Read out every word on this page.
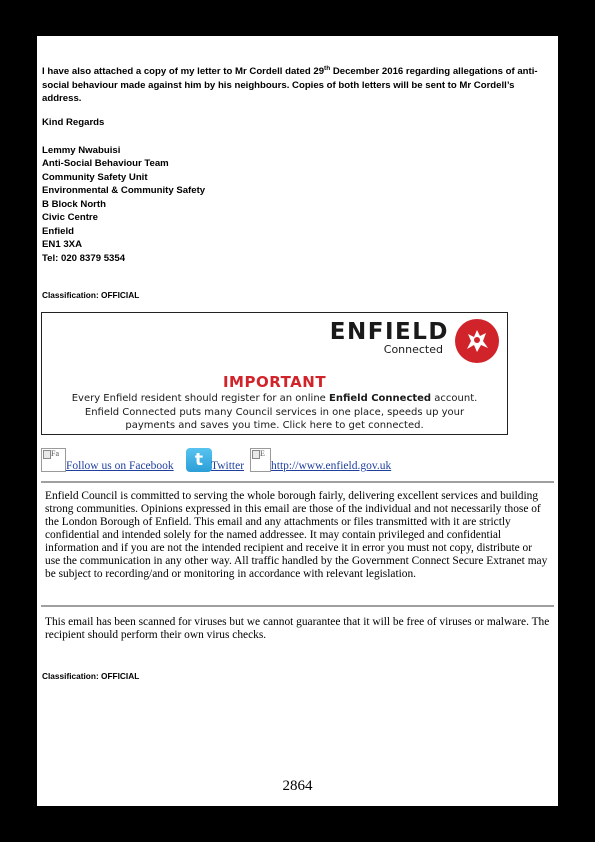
I have also attached a copy of my letter to Mr Cordell dated 29th December 2016 regarding allegations of anti-social behaviour made against him by his neighbours. Copies of both letters will be sent to Mr Cordell’s address.
Kind Regards
Lemmy Nwabuisi
Anti-Social Behaviour Team
Community Safety Unit
Environmental & Community Safety
B Block North
Civic Centre
Enfield
EN1 3XA
Tel: 020 8379 5354
Classification: OFFICIAL
ENFIELD
Connected
IMPORTANT
Every Enfield resident should register for an online Enfield Connected account.
Enfield Connected puts many Council services in one place, speeds up your
payments and saves you time. Click here to get connected.
Fa
Follow us on Facebook	t Twitter
E
http://www.enfield.gov.uk
Enfield Council is committed to serving the whole borough fairly, delivering excellent services and building strong communities. Opinions expressed in this email are those of the individual and not necessarily those of the London Borough of Enfield. This email and any attachments or files transmitted with it are strictly confidential and intended solely for the named addressee. It may contain privileged and confidential information and if you are not the intended recipient and receive it in error you must not copy, distribute or use the communication in any other way. All traffic handled by the Government Connect Secure Extranet may be subject to recording/and or monitoring in accordance with relevant legislation.
This email has been scanned for viruses but we cannot guarantee that it will be free of viruses or malware. The recipient should perform their own virus checks.
Classification: OFFICIAL
2864
